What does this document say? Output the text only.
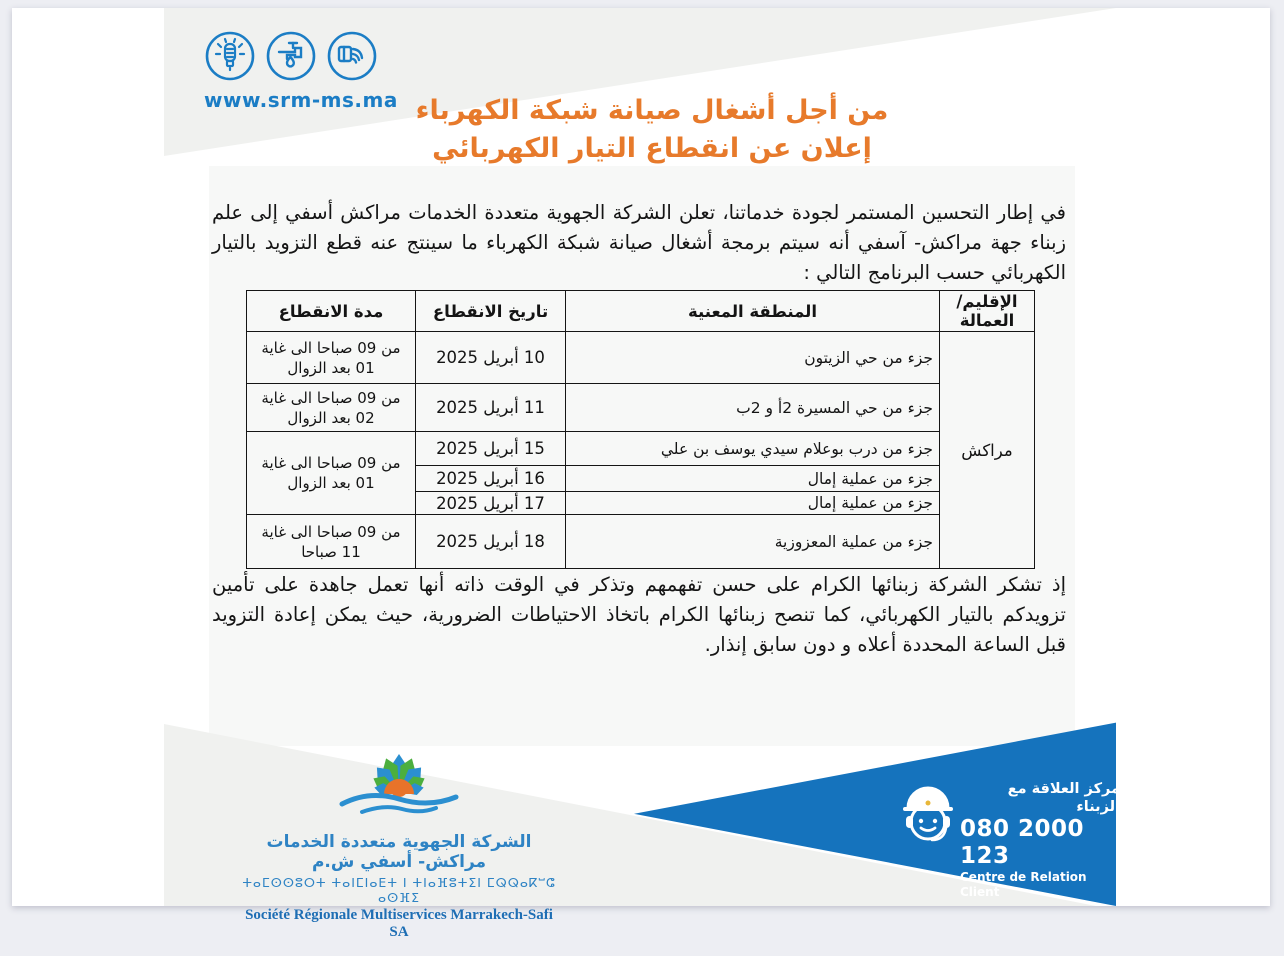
www.srm-ms.ma من أجل أشغال صيانة شبكة الكهرباء
إعلان عن انقطاع التيار الكهربائي

في إطار التحسين المستمر لجودة خدماتنا، تعلن الشركة الجهوية متعددة الخدمات مراكش أسفي إلى علم زبناء جهة مراكش- آسفي أنه سيتم برمجة أشغال صيانة شبكة الكهرباء ما سينتج عنه قطع التزويد بالتيار الكهربائي حسب البرنامج التالي :

الإقليم/العمالة	المنطقة المعنية	تاريخ الانقطاع	مدة الانقطاع
مراكش	جزء من حي الزيتون	10 أبريل 2025	من 09 صباحا الى غاية 01 بعد الزوال
	جزء من حي المسيرة 2أ و 2ب	11 أبريل 2025	من 09 صباحا الى غاية 02 بعد الزوال
	جزء من درب بوعلام سيدي يوسف بن علي	15 أبريل 2025	من 09 صباحا الى غاية 01 بعد الزوال
	جزء من عملية إمال	16 أبريل 2025	
	جزء من عملية إمال	17 أبريل 2025	
	جزء من عملية المعزوزية	18 أبريل 2025	من 09 صباحا الى غاية 11 صباحا

إذ تشكر الشركة زبنائها الكرام على حسن تفهمهم وتذكر في الوقت ذاته أنها تعمل جاهدة على تأمين تزويدكم بالتيار الكهربائي، كما تنصح زبنائها الكرام باتخاذ الاحتياطات الضرورية، حيث يمكن إعادة التزويد قبل الساعة المحددة أعلاه و دون سابق إنذار.

الشركة الجهوية متعددة الخدمات مراكش- أسفي ش.م
ⵜⴰⵎⵙⵙⵓⵔⵜ ⵜⴰⵏⵎⵏⴰⴹⵜ ⵏ ⵜⵏⴰⴼⵓⵜⵉⵏ ⵎⵕⵕⴰⴽⵯⵛ ⴰⵙⴼⵉ
Société Régionale Multiservices Marrakech-Safi SA
مركز العلاقة مع الزبناء
080 2000 123
Centre de Relation Client
